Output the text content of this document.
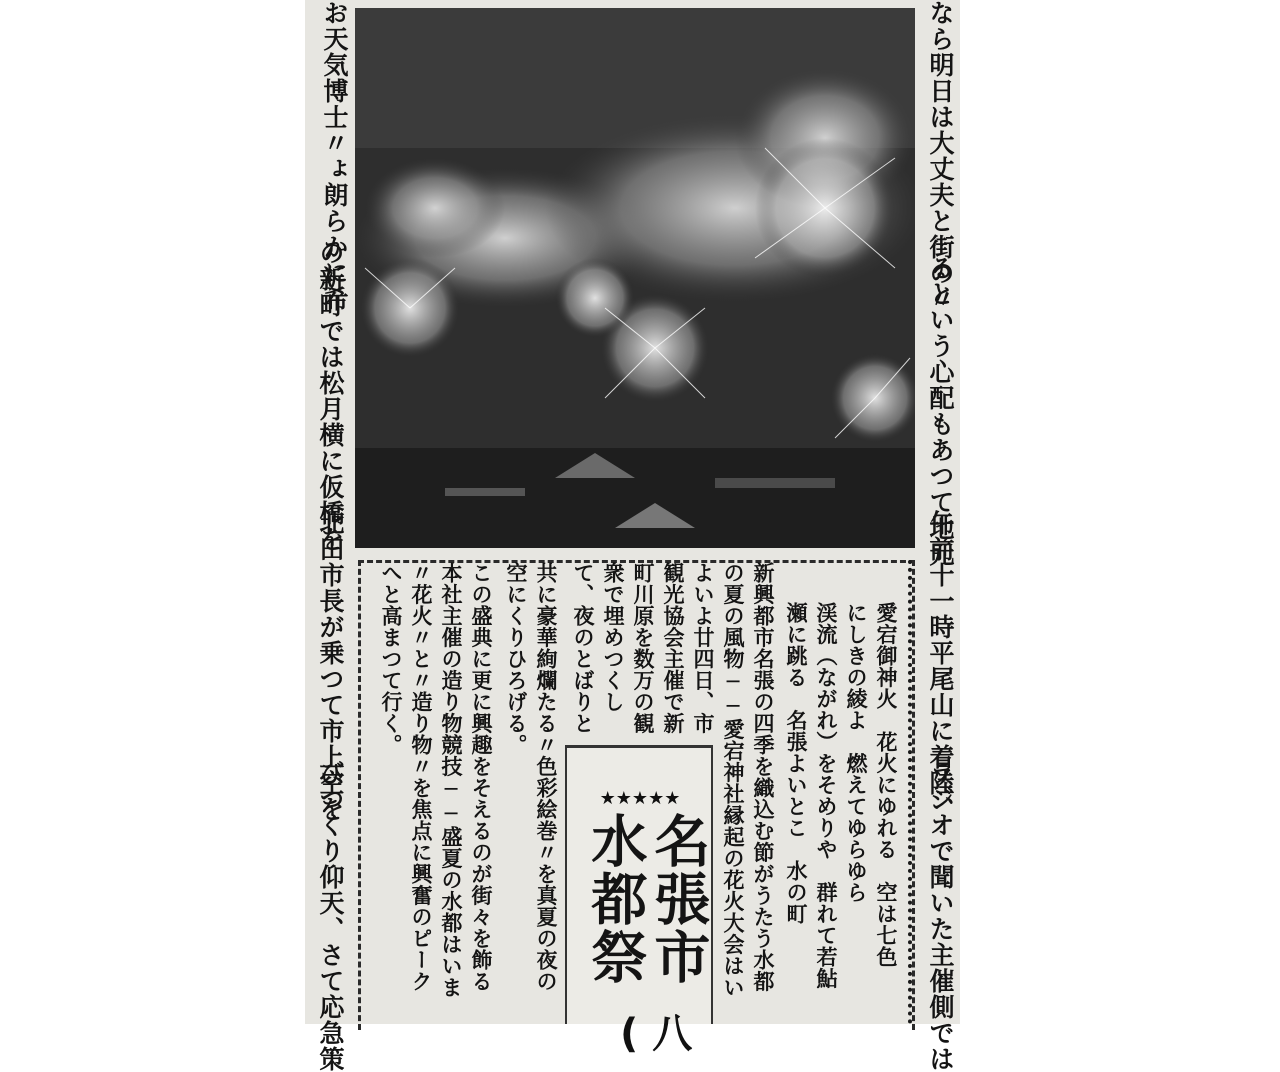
お天気博士〃ょ朗らかに希
の新町では松月横に仮橋を
北田市長が乗つて市上空を
びつくり仰天、さて応急策
なら明日は大丈夫と街の〃
るという心配もあつて地元
午前十一時平尾山に着陸、
ラジオで聞いた主催側では
愛宕御神火　花火にゆれる　空は七色
にしきの綾よ　燃えてゆらゆら
渓流（ながれ）をそめりや　群れて若鮎
瀬に跳る　名張よいとこ　水の町
新興都市名張の四季を織込む節がうたう水都
の夏の風物──愛宕神社縁起の花火大会はい
よいよ廿四日、市
観光協会主催で新
町川原を数万の観
衆で埋めつくし
て、夜のとばりと
共に豪華絢爛たる〃色彩絵巻〃を真夏の夜の
空にくりひろげる。
この盛典に更に興趣をそえるのが街々を飾る
本社主催の造り物競技──盛夏の水都はいま
〃花火〃と〃造り物〃を焦点に興奮のピーク
へと高まつて行く。
★★★★★
名張市
水都祭
( 八
